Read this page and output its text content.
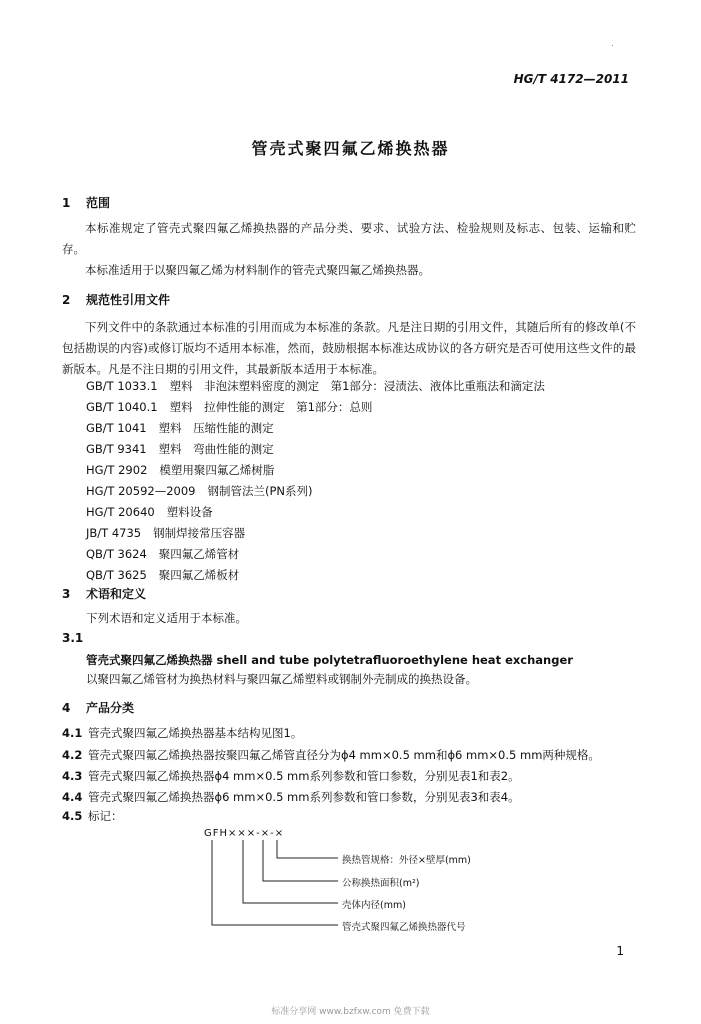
HG/T 4172—2011
管壳式聚四氟乙烯换热器
1 范围
本标准规定了管壳式聚四氟乙烯换热器的产品分类、要求、试验方法、检验规则及标志、包装、运输和贮存。
本标准适用于以聚四氟乙烯为材料制作的管壳式聚四氟乙烯换热器。
2 规范性引用文件
下列文件中的条款通过本标准的引用而成为本标准的条款。凡是注日期的引用文件，其随后所有的修改单(不包括勘误的内容)或修订版均不适用本标准，然而，鼓励根据本标准达成协议的各方研究是否可使用这些文件的最新版本。凡是不注日期的引用文件，其最新版本适用于本标准。
GB/T 1033.1 塑料　非泡沫塑料密度的测定　第1部分：浸渍法、液体比重瓶法和滴定法
GB/T 1040.1 塑料　拉伸性能的测定　第1部分：总则
GB/T 1041 塑料　压缩性能的测定
GB/T 9341 塑料　弯曲性能的测定
HG/T 2902 模塑用聚四氟乙烯树脂
HG/T 20592—2009 钢制管法兰(PN系列)
HG/T 20640 塑料设备
JB/T 4735 钢制焊接常压容器
QB/T 3624 聚四氟乙烯管材
QB/T 3625 聚四氟乙烯板材
3 术语和定义
下列术语和定义适用于本标准。
3.1
管壳式聚四氟乙烯换热器 shell and tube polytetrafluoroethylene heat exchanger
以聚四氟乙烯管材为换热材料与聚四氟乙烯塑料或钢制外壳制成的换热设备。
4 产品分类
4.1 管壳式聚四氟乙烯换热器基本结构见图1。
4.2 管壳式聚四氟乙烯换热器按聚四氟乙烯管直径分为ϕ4 mm×0.5 mm和ϕ6 mm×0.5 mm两种规格。
4.3 管壳式聚四氟乙烯换热器ϕ4 mm×0.5 mm系列参数和管口参数，分别见表1和表2。
4.4 管壳式聚四氟乙烯换热器ϕ6 mm×0.5 mm系列参数和管口参数，分别见表3和表4。
4.5 标记：
GFH×××-×-×
换热管规格：外径×壁厚(mm)
公称换热面积(m²)
壳体内径(mm)
管壳式聚四氟乙烯换热器代号
1
标准分享网 www.bzfxw.com 免费下载
